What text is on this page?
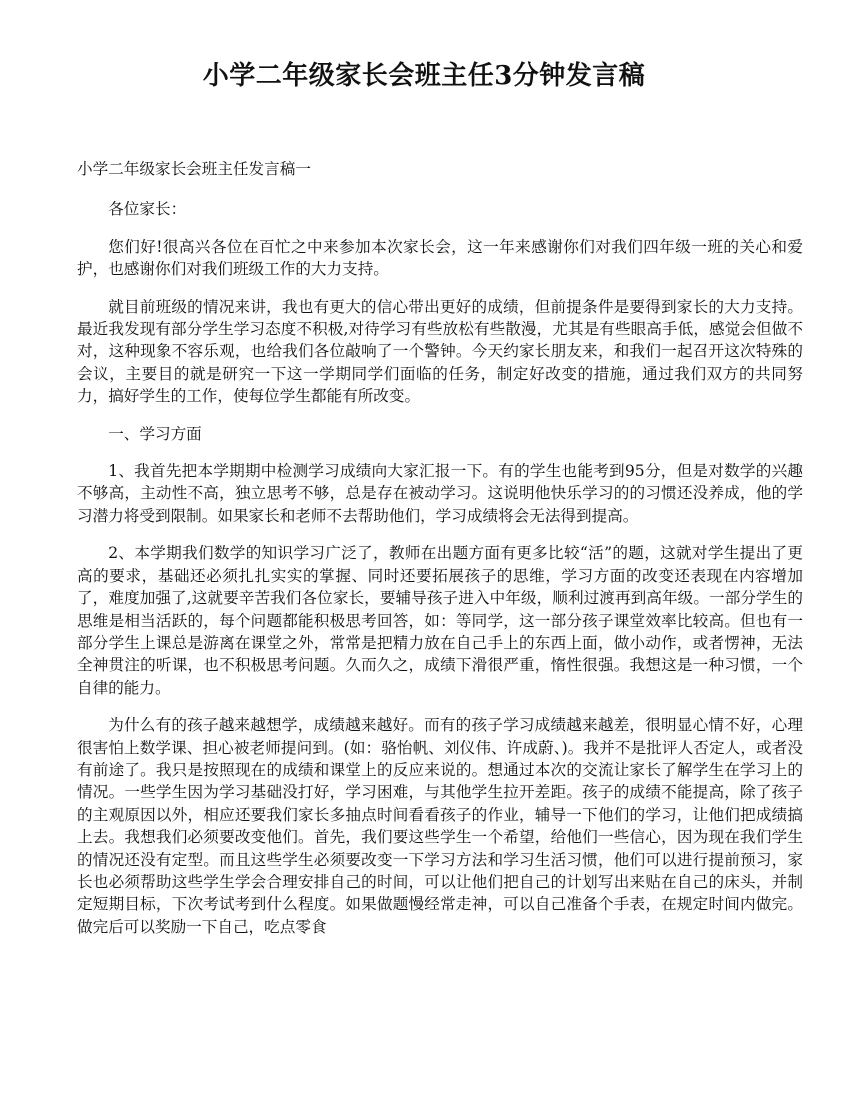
小学二年级家长会班主任3分钟发言稿

小学二年级家长会班主任发言稿一

各位家长：

您们好!很高兴各位在百忙之中来参加本次家长会，这一年来感谢你们对我们四年级一班的关心和爱护，也感谢你们对我们班级工作的大力支持。

就目前班级的情况来讲，我也有更大的信心带出更好的成绩，但前提条件是要得到家长的大力支持。最近我发现有部分学生学习态度不积极,对待学习有些放松有些散漫，尤其是有些眼高手低，感觉会但做不对，这种现象不容乐观，也给我们各位敲响了一个警钟。今天约家长朋友来，和我们一起召开这次特殊的会议，主要目的就是研究一下这一学期同学们面临的任务，制定好改变的措施，通过我们双方的共同努力，搞好学生的工作，使每位学生都能有所改变。

一、学习方面

1、我首先把本学期期中检测学习成绩向大家汇报一下。有的学生也能考到95分，但是对数学的兴趣不够高，主动性不高，独立思考不够，总是存在被动学习。这说明他快乐学习的的习惯还没养成，他的学习潜力将受到限制。如果家长和老师不去帮助他们，学习成绩将会无法得到提高。

2、本学期我们数学的知识学习广泛了，教师在出题方面有更多比较“活”的题，这就对学生提出了更高的要求，基础还必须扎扎实实的掌握、同时还要拓展孩子的思维，学习方面的改变还表现在内容增加了，难度加强了,这就要辛苦我们各位家长，要辅导孩子进入中年级，顺利过渡再到高年级。一部分学生的思维是相当活跃的，每个问题都能积极思考回答，如：等同学，这一部分孩子课堂效率比较高。但也有一部分学生上课总是游离在课堂之外，常常是把精力放在自己手上的东西上面，做小动作，或者愣神，无法全神贯注的听课，也不积极思考问题。久而久之，成绩下滑很严重，惰性很强。我想这是一种习惯，一个自律的能力。

为什么有的孩子越来越想学，成绩越来越好。而有的孩子学习成绩越来越差，很明显心情不好，心理很害怕上数学课、担心被老师提问到。(如：骆怡帆、刘仪伟、许成蔚、)。我并不是批评人否定人，或者没有前途了。我只是按照现在的成绩和课堂上的反应来说的。想通过本次的交流让家长了解学生在学习上的情况。一些学生因为学习基础没打好，学习困难，与其他学生拉开差距。孩子的成绩不能提高，除了孩子的主观原因以外，相应还要我们家长多抽点时间看看孩子的作业，辅导一下他们的学习，让他们把成绩搞上去。我想我们必须要改变他们。首先，我们要这些学生一个希望，给他们一些信心，因为现在我们学生的情况还没有定型。而且这些学生必须要改变一下学习方法和学习生活习惯，他们可以进行提前预习，家长也必须帮助这些学生学会合理安排自己的时间，可以让他们把自己的计划写出来贴在自己的床头，并制定短期目标，下次考试考到什么程度。如果做题慢经常走神，可以自己准备个手表，在规定时间内做完。做完后可以奖励一下自己，吃点零食
